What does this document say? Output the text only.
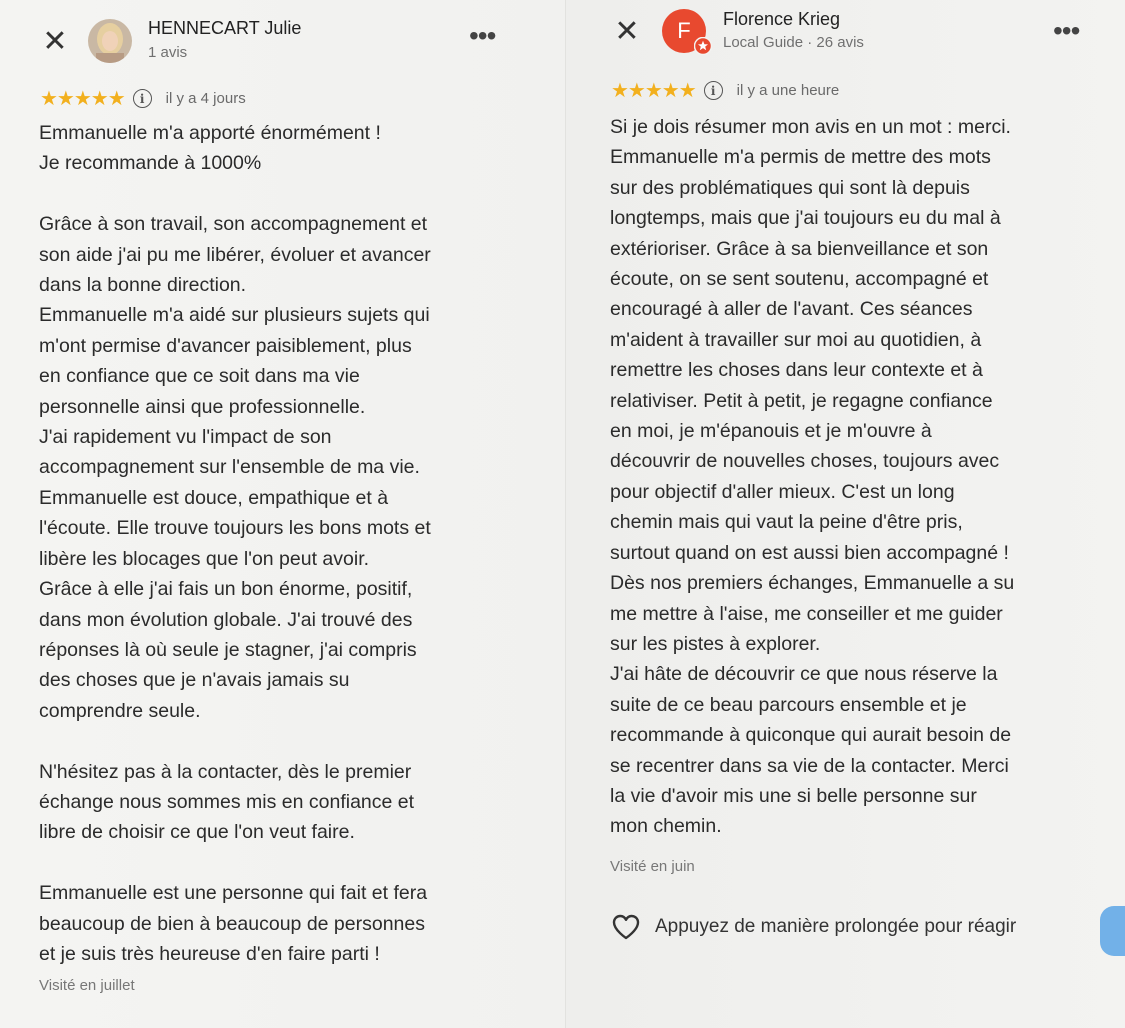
✕	HENNECART Julie
1 avis
•••
★★★★★	i	il y a 4 jours
Emmanuelle m'a apporté énormément !
Je recommande à 1000%

Grâce à son travail, son accompagnement et
son aide j'ai pu me libérer, évoluer et avancer
dans la bonne direction.
Emmanuelle m'a aidé sur plusieurs sujets qui
m'ont permise d'avancer paisiblement, plus
en confiance que ce soit dans ma vie
personnelle ainsi que professionnelle.
J'ai rapidement vu l'impact de son
accompagnement sur l'ensemble de ma vie.
Emmanuelle est douce, empathique et à
l'écoute. Elle trouve toujours les bons mots et
libère les blocages que l'on peut avoir.
Grâce à elle j'ai fais un bon énorme, positif,
dans mon évolution globale. J'ai trouvé des
réponses là où seule je stagner, j'ai compris
des choses que je n'avais jamais su
comprendre seule.

N'hésitez pas à la contacter, dès le premier
échange nous sommes mis en confiance et
libre de choisir ce que l'on veut faire.

Emmanuelle est une personne qui fait et fera
beaucoup de bien à beaucoup de personnes
et je suis très heureuse d'en faire parti !
Visité en juillet
✕	F	Florence Krieg
Local Guide · 26 avis	•••
★★★★★	i	il y a une heure
Si je dois résumer mon avis en un mot : merci.
Emmanuelle m'a permis de mettre des mots
sur des problématiques qui sont là depuis
longtemps, mais que j'ai toujours eu du mal à
extérioriser. Grâce à sa bienveillance et son
écoute, on se sent soutenu, accompagné et
encouragé à aller de l'avant. Ces séances
m'aident à travailler sur moi au quotidien, à
remettre les choses dans leur contexte et à
relativiser. Petit à petit, je regagne confiance
en moi, je m'épanouis et je m'ouvre à
découvrir de nouvelles choses, toujours avec
pour objectif d'aller mieux. C'est un long
chemin mais qui vaut la peine d'être pris,
surtout quand on est aussi bien accompagné !
Dès nos premiers échanges, Emmanuelle a su
me mettre à l'aise, me conseiller et me guider
sur les pistes à explorer.
J'ai hâte de découvrir ce que nous réserve la
suite de ce beau parcours ensemble et je
recommande à quiconque qui aurait besoin de
se recentrer dans sa vie de la contacter. Merci
la vie d'avoir mis une si belle personne sur
mon chemin.
Visité en juin
Appuyez de manière prolongée pour réagir
